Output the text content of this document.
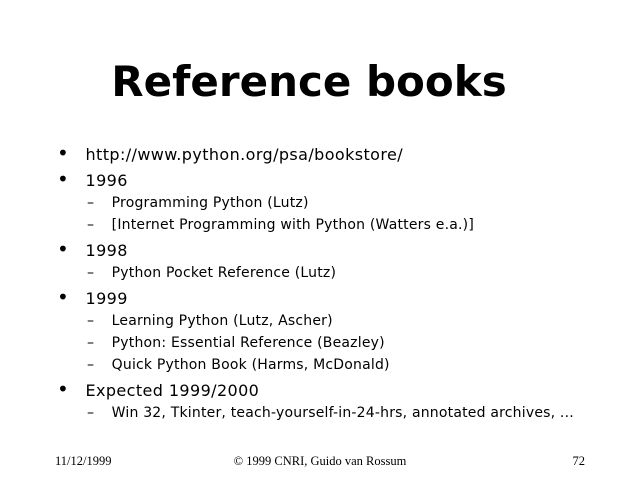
Reference books
• http://www.python.org/psa/bookstore/
• 1996
– Programming Python (Lutz)
– [Internet Programming with Python (Watters e.a.)]
• 1998
– Python Pocket Reference (Lutz)
• 1999
– Learning Python (Lutz, Ascher)
– Python: Essential Reference (Beazley)
– Quick Python Book (Harms, McDonald)
• Expected 1999/2000
– Win 32, Tkinter, teach-yourself-in-24-hrs, annotated archives, ...
11/12/1999	© 1999 CNRI, Guido van Rossum	72
